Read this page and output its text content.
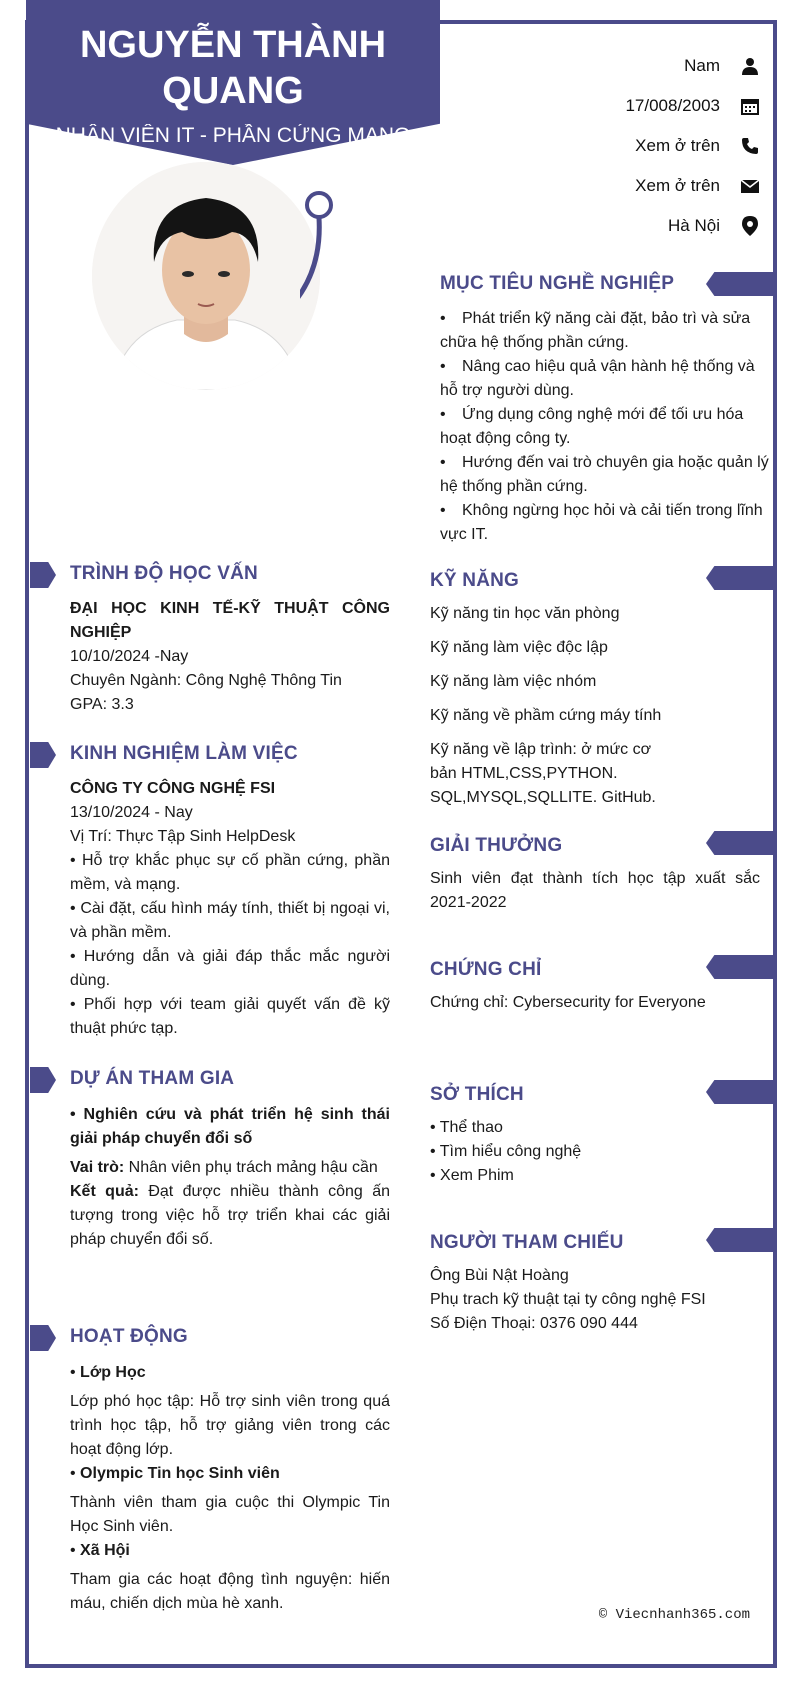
NGUYỄN THÀNH QUANG
NHÂN VIÊN IT - PHẦN CỨNG MẠNG
Nam
17/008/2003
Xem ở trên
Xem ở trên
Hà Nội
MỤC TIÊU NGHỀ NGHIỆP
• Phát triển kỹ năng cài đặt, bảo trì và sửa chữa hệ thống phần cứng.
• Nâng cao hiệu quả vận hành hệ thống và hỗ trợ người dùng.
• Ứng dụng công nghệ mới để tối ưu hóa hoạt động công ty.
• Hướng đến vai trò chuyên gia hoặc quản lý hệ thống phần cứng.
• Không ngừng học hỏi và cải tiến trong lĩnh vực IT.
TRÌNH ĐỘ HỌC VẤN
ĐẠI HỌC KINH TẾ-KỸ THUẬT CÔNG NGHIỆP
10/10/2024 -Nay
Chuyên Ngành: Công Nghệ Thông Tin
GPA: 3.3
KINH NGHIỆM LÀM VIỆC
CÔNG TY CÔNG NGHỆ FSI
13/10/2024 - Nay
Vị Trí: Thực Tập Sinh HelpDesk
• Hỗ trợ khắc phục sự cố phần cứng, phần mềm, và mạng.
• Cài đặt, cấu hình máy tính, thiết bị ngoại vi, và phần mềm.
• Hướng dẫn và giải đáp thắc mắc người dùng.
• Phối hợp với team giải quyết vấn đề kỹ thuật phức tạp.
DỰ ÁN THAM GIA
• Nghiên cứu và phát triển hệ sinh thái giải pháp chuyển đổi số
Vai trò: Nhân viên phụ trách mảng hậu cần
Kết quả: Đạt được nhiều thành công ấn tượng trong việc hỗ trợ triển khai các giải pháp chuyển đổi số.
HOẠT ĐỘNG
• Lớp Học
Lớp phó học tập: Hỗ trợ sinh viên trong quá trình học tập, hỗ trợ giảng viên trong các hoạt động lớp.
• Olympic Tin học Sinh viên
Thành viên tham gia cuộc thi Olympic Tin Học Sinh viên.
• Xã Hội
Tham gia các hoạt động tình nguyện: hiến máu, chiến dịch mùa hè xanh.
KỸ NĂNG
Kỹ năng tin học văn phòng
Kỹ năng làm việc độc lập
Kỹ năng làm việc nhóm
Kỹ năng về phầm cứng máy tính
Kỹ năng về lập trình: ở mức cơ bản HTML,CSS,PYTHON. SQL,MYSQL,SQLLITE. GitHub.
GIẢI THƯỞNG
Sinh viên đạt thành tích học tập xuất sắc 2021-2022
CHỨNG CHỈ
Chứng chỉ: Cybersecurity for Everyone
SỞ THÍCH
• Thể thao
• Tìm hiểu công nghệ
• Xem Phim
NGƯỜI THAM CHIẾU
Ông Bùi Nật Hoàng
Phụ trach kỹ thuật tại ty công nghệ FSI
Số Điện Thoại: 0376 090 444
© Viecnhanh365.com
